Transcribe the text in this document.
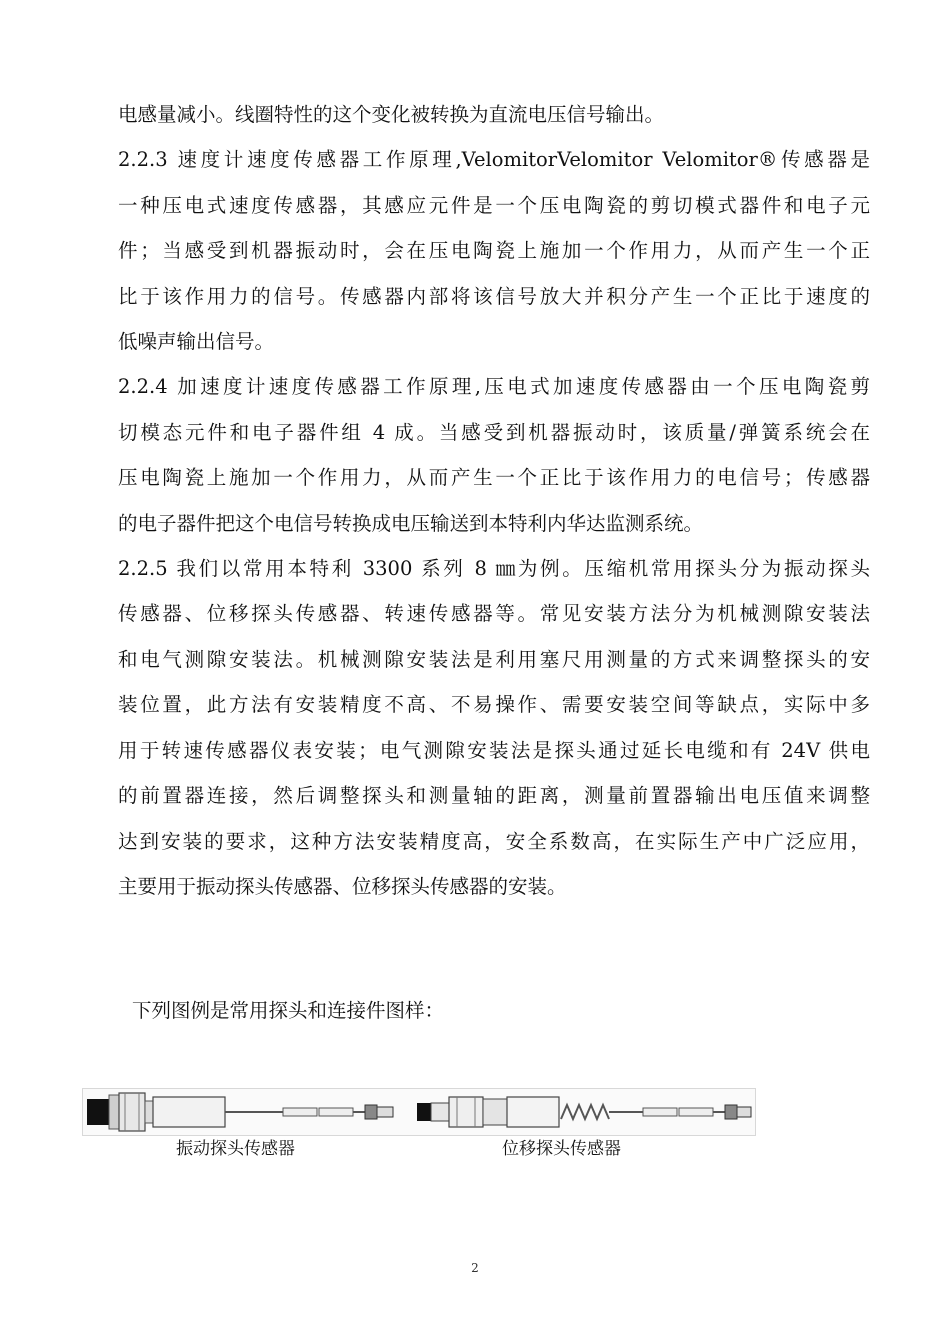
电感量减小。线圈特性的这个变化被转换为直流电压信号输出。

2.2.3 速度计速度传感器工作原理,VelomitorVelomitor Velomitor®传感器是

一种压电式速度传感器，其感应元件是一个压电陶瓷的剪切模式器件和电子元

件；当感受到机器振动时，会在压电陶瓷上施加一个作用力，从而产生一个正

比于该作用力的信号。传感器内部将该信号放大并积分产生一个正比于速度的

低噪声输出信号。

2.2.4 加速度计速度传感器工作原理,压电式加速度传感器由一个压电陶瓷剪

切模态元件和电子器件组 4 成。当感受到机器振动时，该质量/弹簧系统会在

压电陶瓷上施加一个作用力，从而产生一个正比于该作用力的电信号；传感器

的电子器件把这个电信号转换成电压输送到本特利内华达监测系统。

2.2.5 我们以常用本特利 3300 系列 8 ㎜为例。压缩机常用探头分为振动探头

传感器、位移探头传感器、转速传感器等。常见安装方法分为机械测隙安装法

和电气测隙安装法。机械测隙安装法是利用塞尺用测量的方式来调整探头的安

装位置，此方法有安装精度不高、不易操作、需要安装空间等缺点，实际中多

用于转速传感器仪表安装；电气测隙安装法是探头通过延长电缆和有 24V 供电

的前置器连接，然后调整探头和测量轴的距离，测量前置器输出电压值来调整

达到安装的要求，这种方法安装精度高，安全系数高，在实际生产中广泛应用，

主要用于振动探头传感器、位移探头传感器的安装。

下列图例是常用探头和连接件图样：
振动探头传感器	位移探头传感器
2
